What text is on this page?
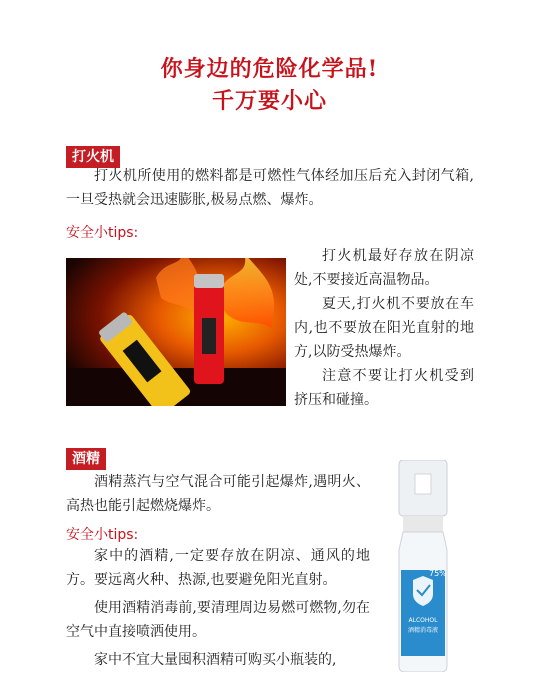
你身边的危险化学品!
千万要小心
打火机
打火机所使用的燃料都是可燃性气体经加压后充入封闭气箱,一旦受热就会迅速膨胀,极易点燃、爆炸。
安全小tips:
打火机最好存放在阴凉处,不要接近高温物品。
夏天,打火机不要放在车内,也不要放在阳光直射的地方,以防受热爆炸。
注意不要让打火机受到挤压和碰撞。
酒精
酒精蒸汽与空气混合可能引起爆炸,遇明火、高热也能引起燃烧爆炸。
安全小tips:
家中的酒精,一定要存放在阴凉、通风的地方。要远离火种、热源,也要避免阳光直射。
使用酒精消毒前,要清理周边易燃可燃物,勿在空气中直接喷洒使用。
家中不宜大量囤积酒精可购买小瓶装的,
75%
ALCOHOL
酒精消毒液
